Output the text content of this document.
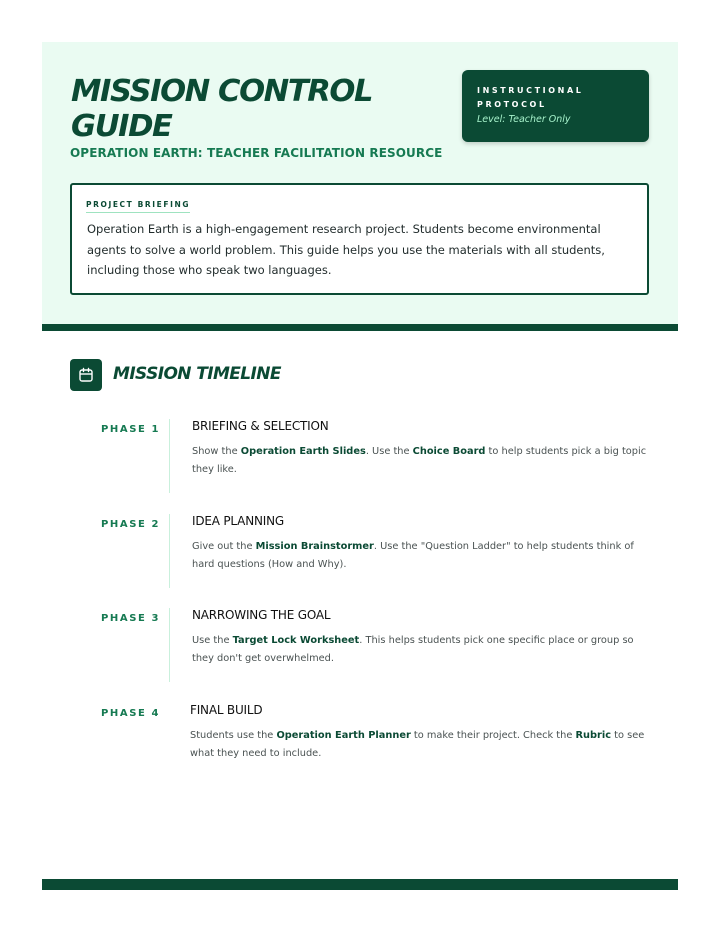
MISSION CONTROL GUIDE
OPERATION EARTH: TEACHER FACILITATION RESOURCE
INSTRUCTIONAL PROTOCOL
Level: Teacher Only
PROJECT BRIEFING

Operation Earth is a high-engagement research project. Students become environmental agents to solve a world problem. This guide helps you use the materials with all students, including those who speak two languages.

MISSION TIMELINE
PHASE 1	BRIEFING & SELECTION

Show the Operation Earth Slides. Use the Choice Board to help students pick a big topic they like.

PHASE 2	IDEA PLANNING

Give out the Mission Brainstormer. Use the "Question Ladder" to help students think of hard questions (How and Why).

PHASE 3	NARROWING THE GOAL

Use the Target Lock Worksheet. This helps students pick one specific place or group so they don't get overwhelmed.

PHASE 4 FINAL BUILD

Students use the Operation Earth Planner to make their project. Check the Rubric to see what they need to include.
